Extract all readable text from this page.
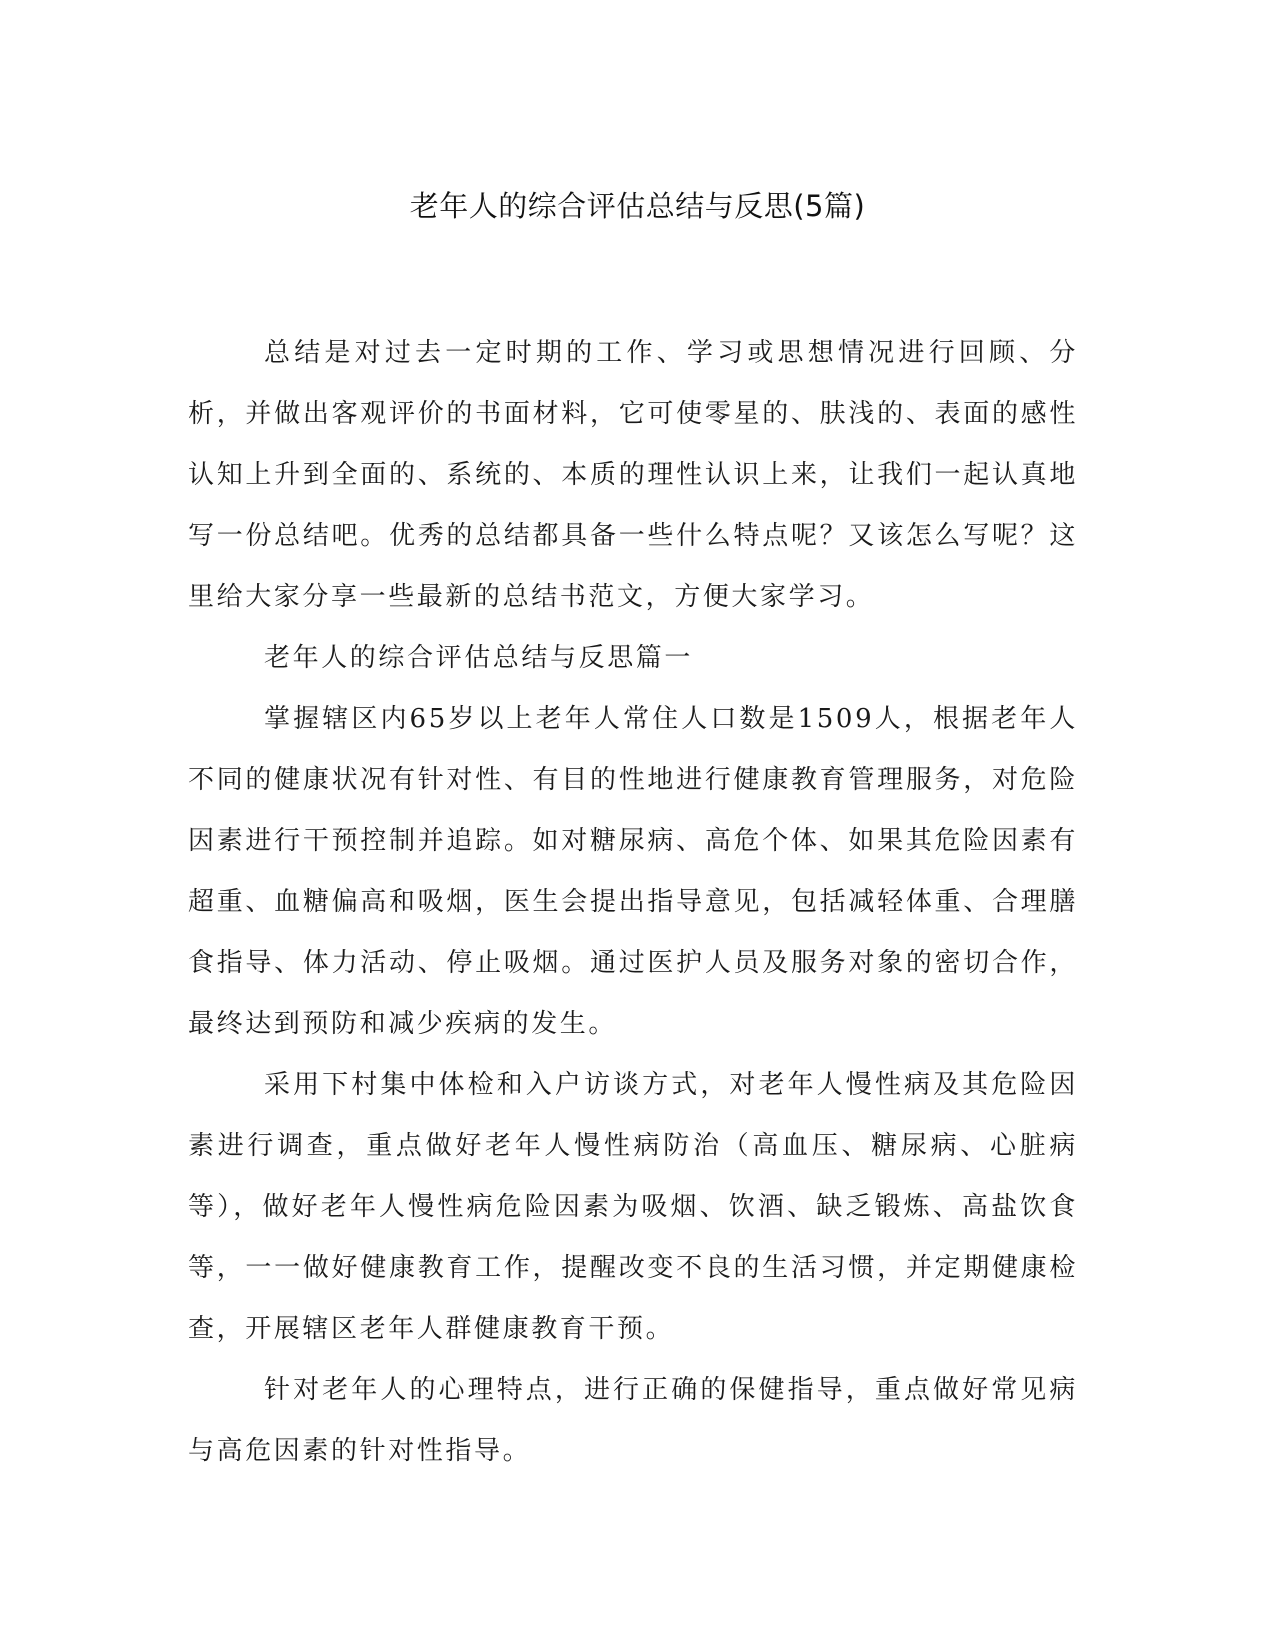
老年人的综合评估总结与反思(5篇)

总结是对过去一定时期的工作、学习或思想情况进行回顾、分析，并做出客观评价的书面材料，它可使零星的、肤浅的、表面的感性认知上升到全面的、系统的、本质的理性认识上来，让我们一起认真地写一份总结吧。优秀的总结都具备一些什么特点呢？又该怎么写呢？这里给大家分享一些最新的总结书范文，方便大家学习。

老年人的综合评估总结与反思篇一

掌握辖区内65岁以上老年人常住人口数是1509人，根据老年人不同的健康状况有针对性、有目的性地进行健康教育管理服务，对危险因素进行干预控制并追踪。如对糖尿病、高危个体、如果其危险因素有超重、血糖偏高和吸烟，医生会提出指导意见，包括减轻体重、合理膳食指导、体力活动、停止吸烟。通过医护人员及服务对象的密切合作，最终达到预防和减少疾病的发生。

采用下村集中体检和入户访谈方式，对老年人慢性病及其危险因素进行调查，重点做好老年人慢性病防治（高血压、糖尿病、心脏病等），做好老年人慢性病危险因素为吸烟、饮酒、缺乏锻炼、高盐饮食等，一一做好健康教育工作，提醒改变不良的生活习惯，并定期健康检查，开展辖区老年人群健康教育干预。

针对老年人的心理特点，进行正确的保健指导，重点做好常见病与高危因素的针对性指导。
